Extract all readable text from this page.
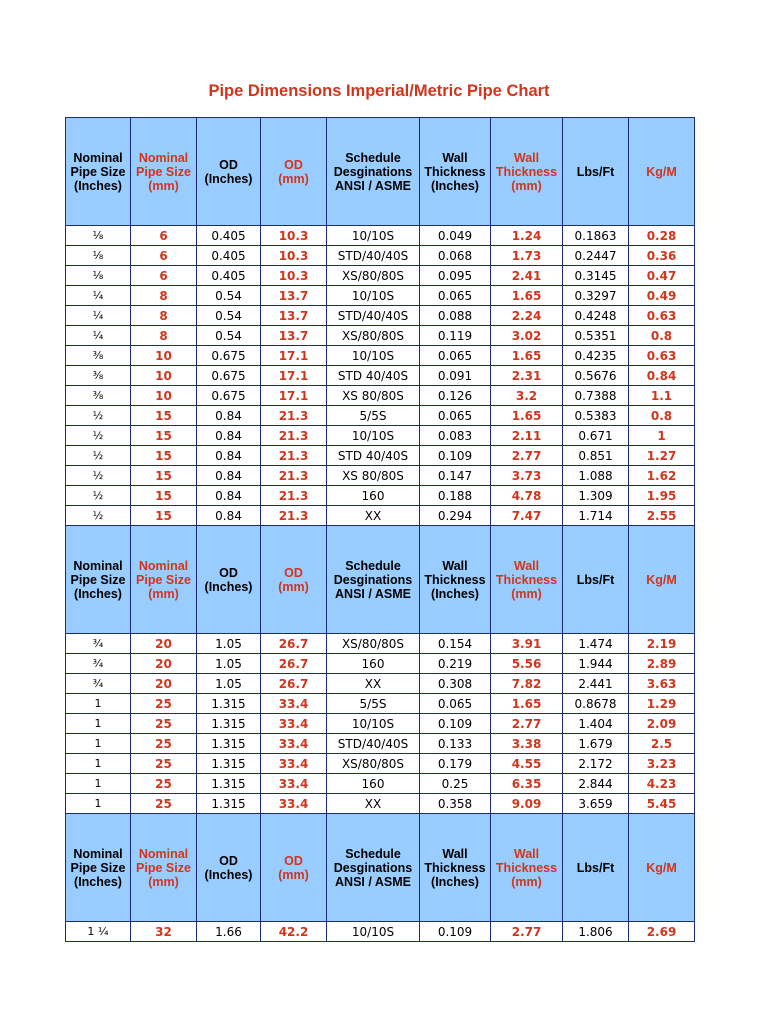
Pipe Dimensions Imperial/Metric Pipe Chart
Nominal
Pipe Size
(Inches)	Nominal
Pipe Size
(mm)	OD
(Inches)	OD
(mm)	Schedule
Desginations
ANSI / ASME	Wall
Thickness
(Inches)	Wall
Thickness
(mm)	Lbs/Ft	Kg/M
⅛	6	0.405	10.3	10/10S	0.049	1.24	0.1863	0.28
⅛	6	0.405	10.3	STD/40/40S	0.068	1.73	0.2447	0.36
⅛	6	0.405	10.3	XS/80/80S	0.095	2.41	0.3145	0.47
¼	8	0.54	13.7	10/10S	0.065	1.65	0.3297	0.49
¼	8	0.54	13.7	STD/40/40S	0.088	2.24	0.4248	0.63
¼	8	0.54	13.7	XS/80/80S	0.119	3.02	0.5351	0.8
⅜	10	0.675	17.1	10/10S	0.065	1.65	0.4235	0.63
⅜	10	0.675	17.1	STD 40/40S	0.091	2.31	0.5676	0.84
⅜	10	0.675	17.1	XS 80/80S	0.126	3.2	0.7388	1.1
½	15	0.84	21.3	5/5S	0.065	1.65	0.5383	0.8
½	15	0.84	21.3	10/10S	0.083	2.11	0.671	1
½	15	0.84	21.3	STD 40/40S	0.109	2.77	0.851	1.27
½	15	0.84	21.3	XS 80/80S	0.147	3.73	1.088	1.62
½	15	0.84	21.3	160	0.188	4.78	1.309	1.95
½	15	0.84	21.3	XX	0.294	7.47	1.714	2.55
Nominal
Pipe Size
(Inches)	Nominal
Pipe Size
(mm)	OD
(Inches)	OD
(mm)	Schedule
Desginations
ANSI / ASME	Wall
Thickness
(Inches)	Wall
Thickness
(mm)	Lbs/Ft	Kg/M
¾	20	1.05	26.7	XS/80/80S	0.154	3.91	1.474	2.19
¾	20	1.05	26.7	160	0.219	5.56	1.944	2.89
¾	20	1.05	26.7	XX	0.308	7.82	2.441	3.63
1	25	1.315	33.4	5/5S	0.065	1.65	0.8678	1.29
1	25	1.315	33.4	10/10S	0.109	2.77	1.404	2.09
1	25	1.315	33.4	STD/40/40S	0.133	3.38	1.679	2.5
1	25	1.315	33.4	XS/80/80S	0.179	4.55	2.172	3.23
1	25	1.315	33.4	160	0.25	6.35	2.844	4.23
1	25	1.315	33.4	XX	0.358	9.09	3.659	5.45
Nominal
Pipe Size
(Inches)	Nominal
Pipe Size
(mm)	OD
(Inches)	OD
(mm)	Schedule
Desginations
ANSI / ASME	Wall
Thickness
(Inches)	Wall
Thickness
(mm)	Lbs/Ft	Kg/M
1 ¼	32	1.66	42.2	10/10S	0.109	2.77	1.806	2.69
